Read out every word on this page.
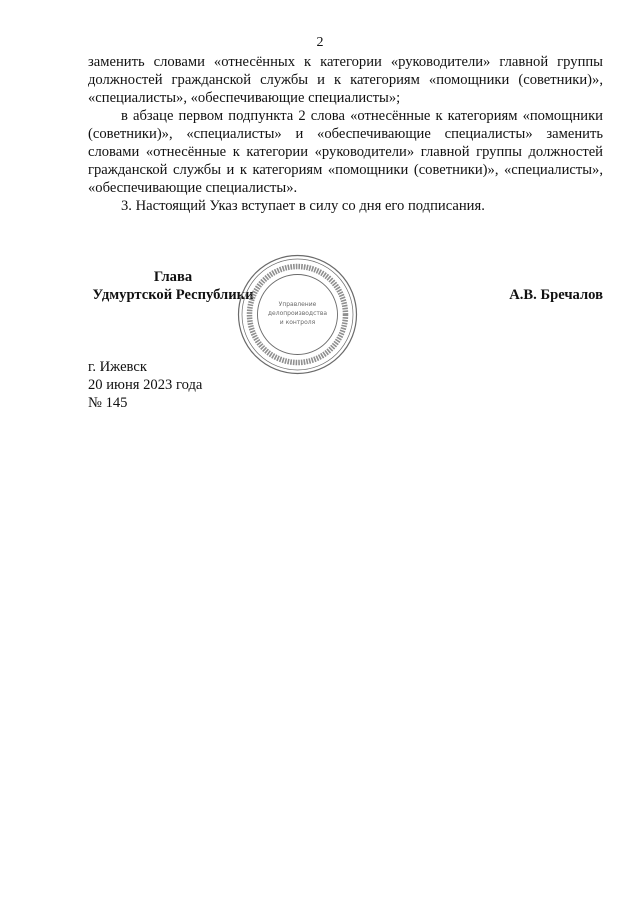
2

заменить словами «отнесённых к категории «руководители» главной группы должностей гражданской службы и к категориям «помощники (советники)», «специалисты», «обеспечивающие специалисты»;

в абзаце первом подпункта 2 слова «отнесённые к категориям «помощники (советники)», «специалисты» и «обеспечивающие специалисты» заменить словами «отнесённые к категории «руководители» главной группы должностей гражданской службы и к категориям «помощники (советники)», «специалисты», «обеспечивающие специалисты».

3. Настоящий Указ вступает в силу со дня его подписания.

Глава
Удмуртской Республики
Управление
делопроизводства
и контроля
А.В. Бречалов
г. Ижевск
20 июня 2023 года
№ 145
